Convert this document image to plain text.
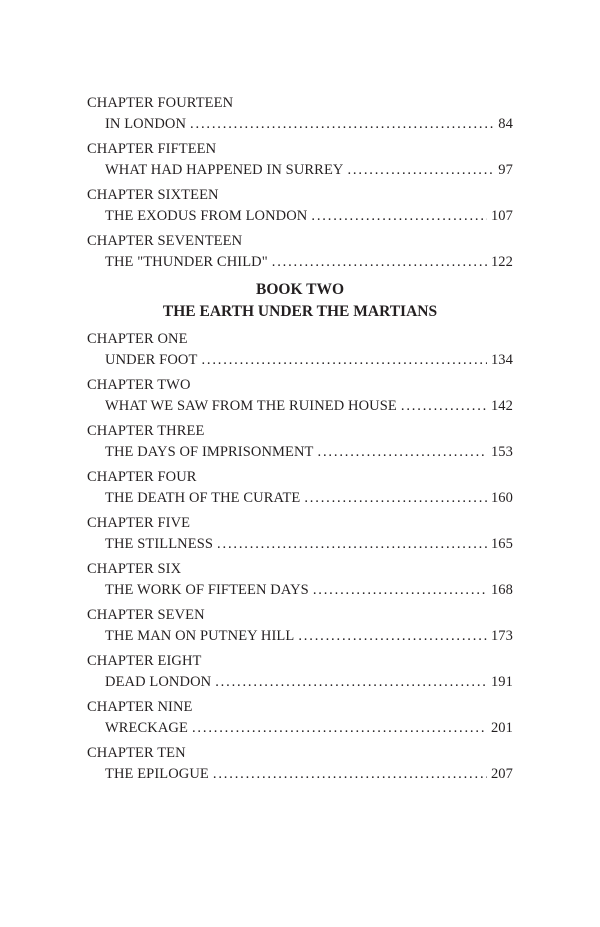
CHAPTER FOURTEEN
IN LONDON . . .	84
CHAPTER FIFTEEN
WHAT HAD HAPPENED IN SURREY . . .	97
CHAPTER SIXTEEN
THE EXODUS FROM LONDON . . .	107
CHAPTER SEVENTEEN
THE "THUNDER CHILD" . . .	122
BOOK TWO
THE EARTH UNDER THE MARTIANS
CHAPTER ONE
UNDER FOOT . . .	134
CHAPTER TWO
WHAT WE SAW FROM THE RUINED HOUSE . . .	142
CHAPTER THREE
THE DAYS OF IMPRISONMENT . . .	153
CHAPTER FOUR
THE DEATH OF THE CURATE . . .	160
CHAPTER FIVE
THE STILLNESS . . .	165
CHAPTER SIX
THE WORK OF FIFTEEN DAYS . . .	168
CHAPTER SEVEN
THE MAN ON PUTNEY HILL . . .	173
CHAPTER EIGHT
DEAD LONDON . . .	191
CHAPTER NINE
WRECKAGE . . .	201
CHAPTER TEN
THE EPILOGUE . . .	207
